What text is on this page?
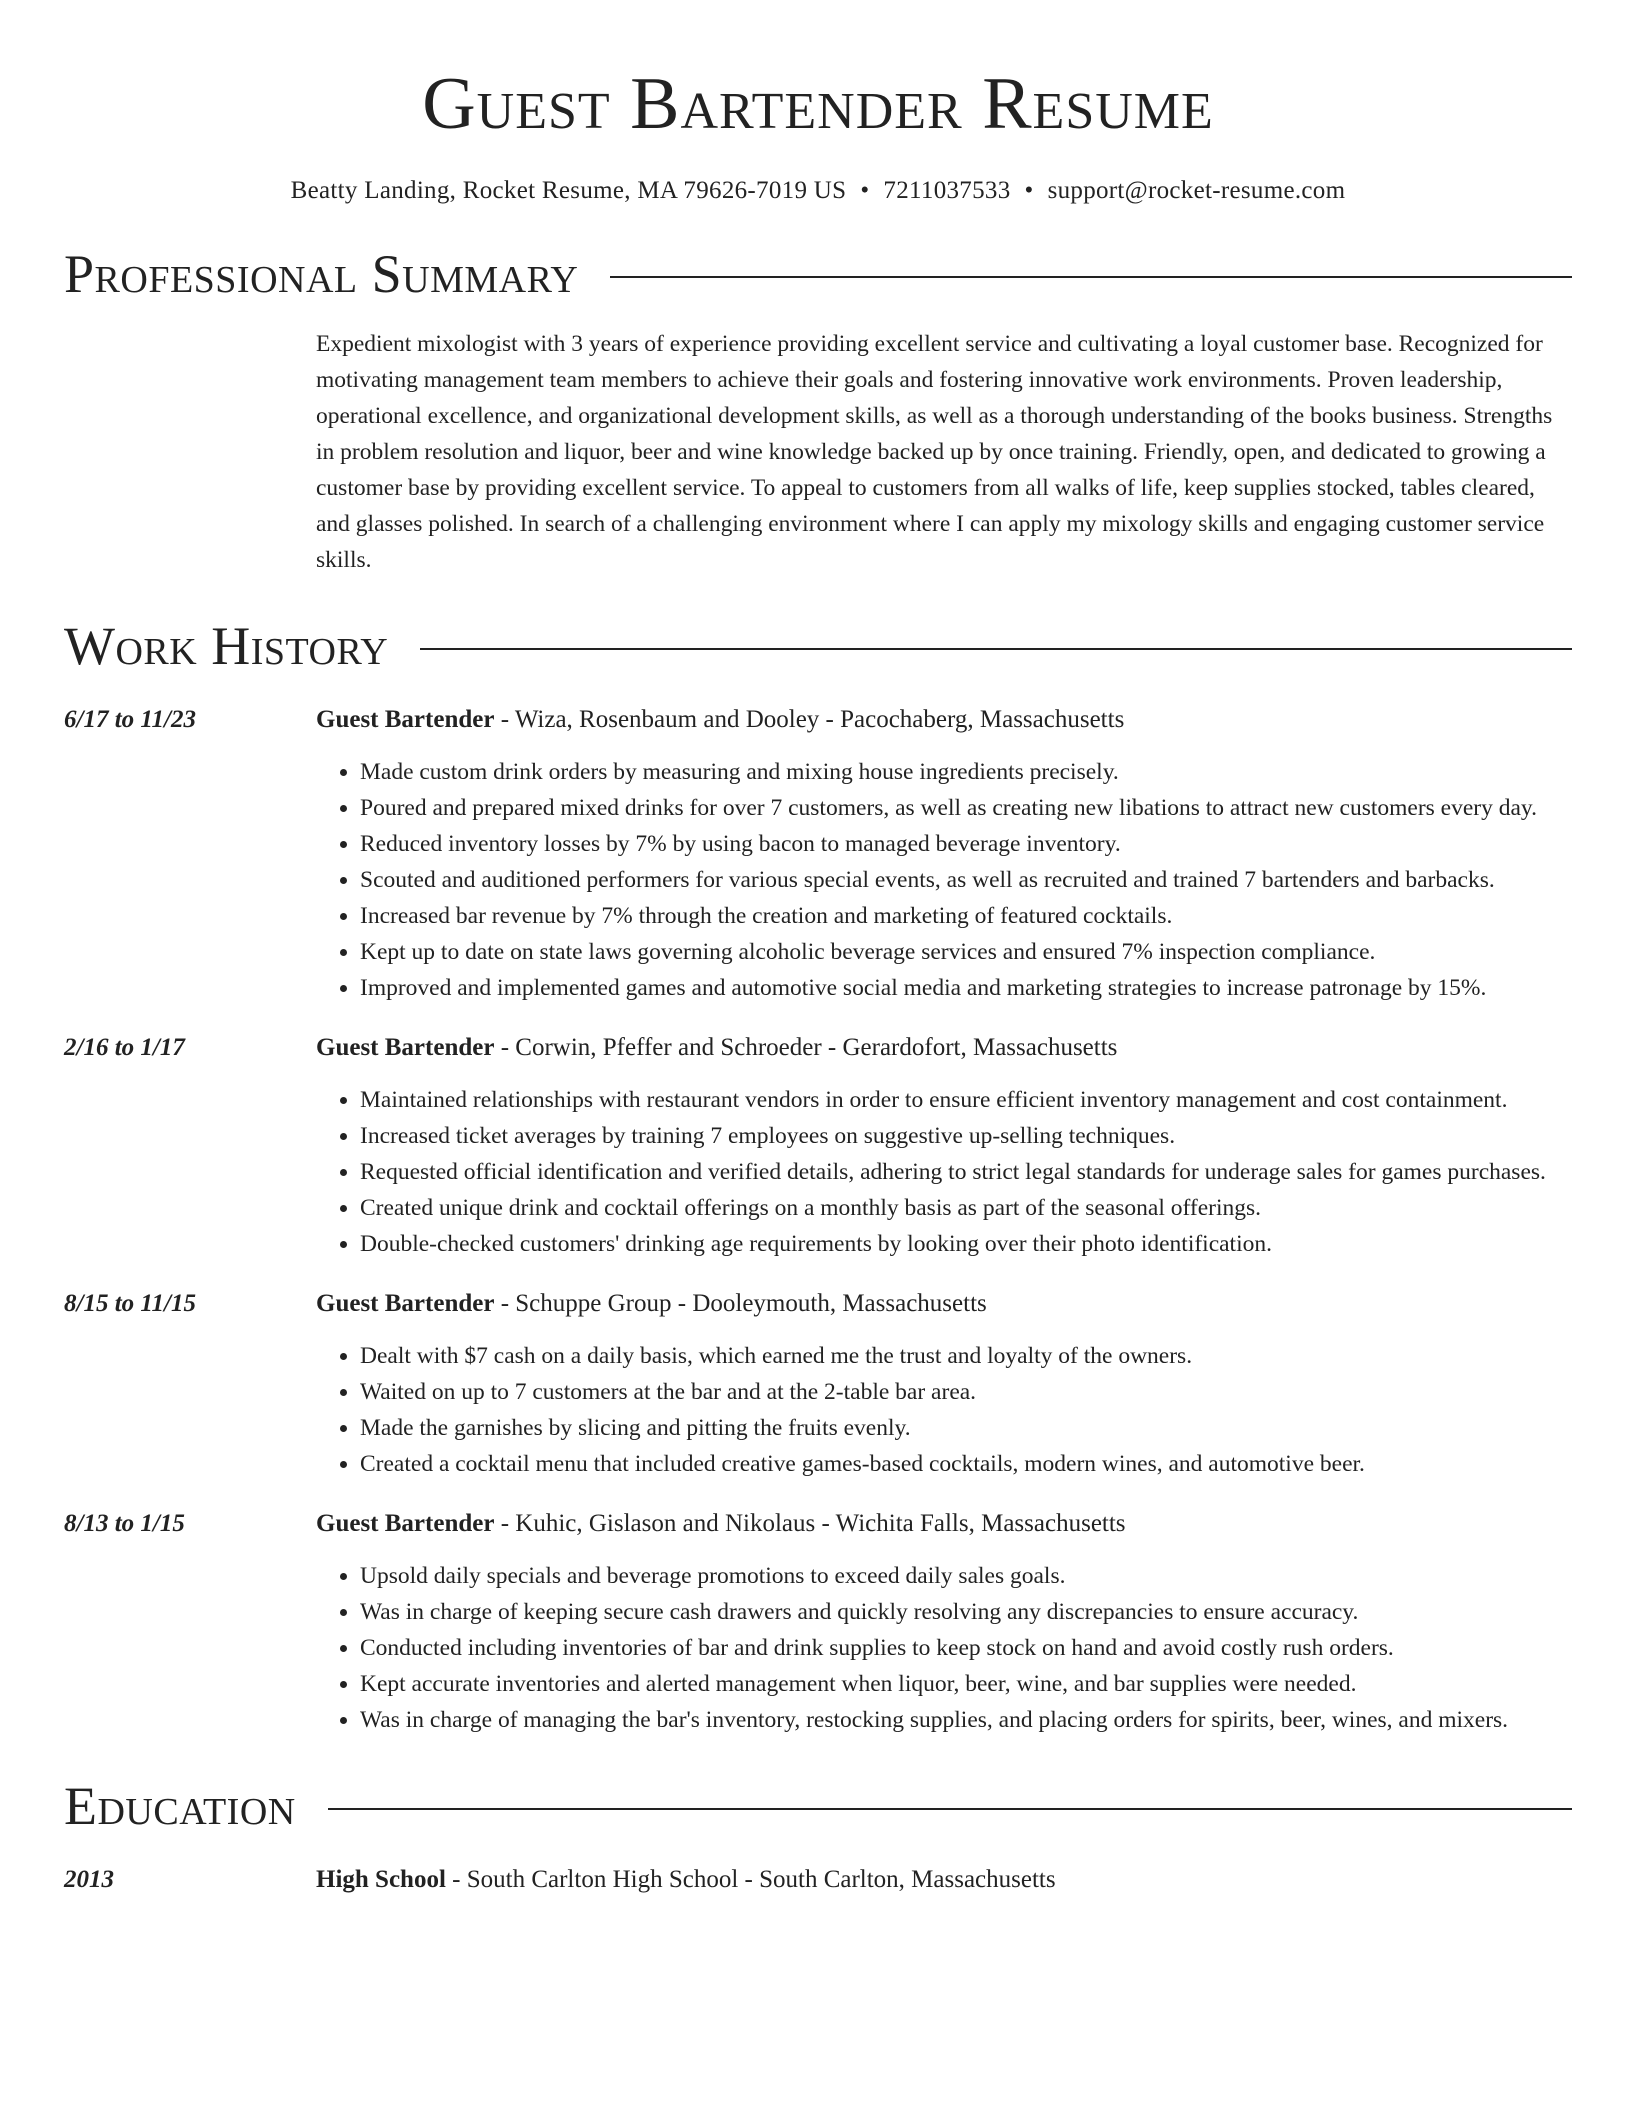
Guest Bartender Resume
Beatty Landing, Rocket Resume, MA 79626-7019 US • 7211037533 • support@rocket-resume.com
Professional Summary
Expedient mixologist with 3 years of experience providing excellent service and cultivating a loyal customer base. Recognized for motivating management team members to achieve their goals and fostering innovative work environments. Proven leadership, operational excellence, and organizational development skills, as well as a thorough understanding of the books business. Strengths in problem resolution and liquor, beer and wine knowledge backed up by once training. Friendly, open, and dedicated to growing a customer base by providing excellent service. To appeal to customers from all walks of life, keep supplies stocked, tables cleared, and glasses polished. In search of a challenging environment where I can apply my mixology skills and engaging customer service skills.
Work History
6/17 to 11/23	Guest Bartender - Wiza, Rosenbaum and Dooley - Pacochaberg, Massachusetts
• Made custom drink orders by measuring and mixing house ingredients precisely.
• Poured and prepared mixed drinks for over 7 customers, as well as creating new libations to attract new customers every day.
• Reduced inventory losses by 7% by using bacon to managed beverage inventory.
• Scouted and auditioned performers for various special events, as well as recruited and trained 7 bartenders and barbacks.
• Increased bar revenue by 7% through the creation and marketing of featured cocktails.
• Kept up to date on state laws governing alcoholic beverage services and ensured 7% inspection compliance.
• Improved and implemented games and automotive social media and marketing strategies to increase patronage by 15%.
2/16 to 1/17	Guest Bartender - Corwin, Pfeffer and Schroeder - Gerardofort, Massachusetts
• Maintained relationships with restaurant vendors in order to ensure efficient inventory management and cost containment.
• Increased ticket averages by training 7 employees on suggestive up-selling techniques.
• Requested official identification and verified details, adhering to strict legal standards for underage sales for games purchases.
• Created unique drink and cocktail offerings on a monthly basis as part of the seasonal offerings.
• Double-checked customers' drinking age requirements by looking over their photo identification.
8/15 to 11/15	Guest Bartender - Schuppe Group - Dooleymouth, Massachusetts
• Dealt with $7 cash on a daily basis, which earned me the trust and loyalty of the owners.
• Waited on up to 7 customers at the bar and at the 2-table bar area.
• Made the garnishes by slicing and pitting the fruits evenly.
• Created a cocktail menu that included creative games-based cocktails, modern wines, and automotive beer.
8/13 to 1/15	Guest Bartender - Kuhic, Gislason and Nikolaus - Wichita Falls, Massachusetts
• Upsold daily specials and beverage promotions to exceed daily sales goals.
• Was in charge of keeping secure cash drawers and quickly resolving any discrepancies to ensure accuracy.
• Conducted including inventories of bar and drink supplies to keep stock on hand and avoid costly rush orders.
• Kept accurate inventories and alerted management when liquor, beer, wine, and bar supplies were needed.
• Was in charge of managing the bar's inventory, restocking supplies, and placing orders for spirits, beer, wines, and mixers.
Education
2013	High School - South Carlton High School - South Carlton, Massachusetts
